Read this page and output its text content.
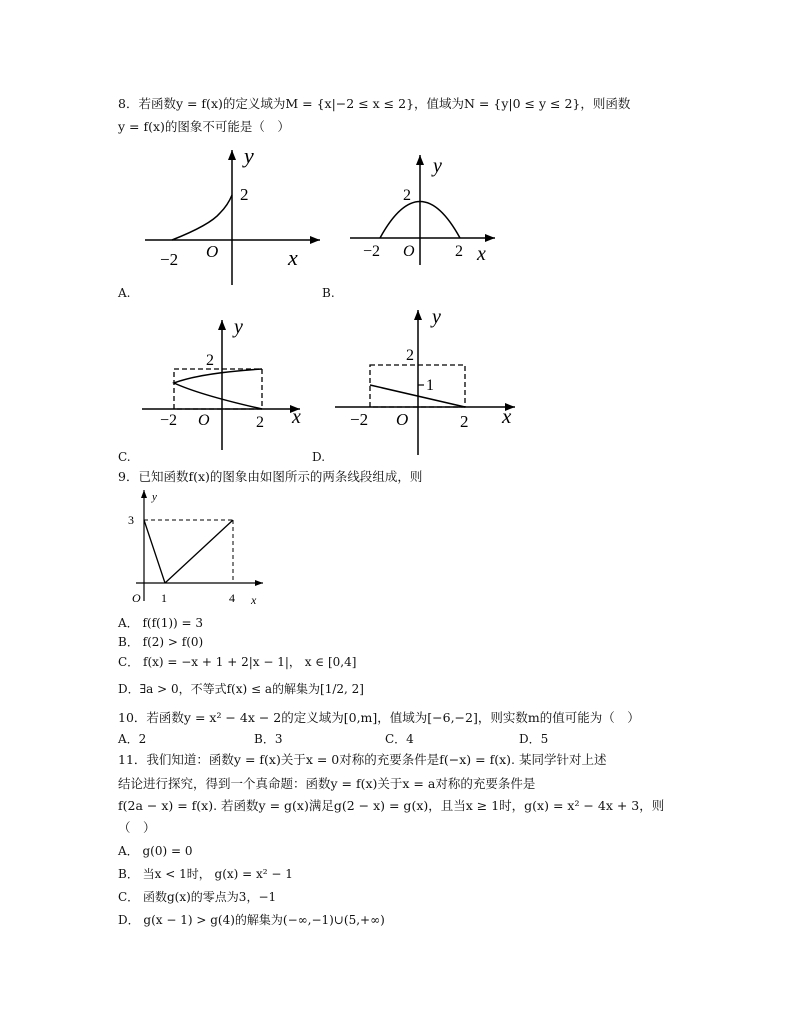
8．若函数y = f(x)的定义域为M = {x|−2 ≤ x ≤ 2}，值域为N = {y|0 ≤ y ≤ 2}，则函数
y = f(x)的图象不可能是（　）
y
2
−2 O	x
A.
y
2
−2 O	2 x
B.
y
2
−2 O	2 x
C.
y
2
1
−2 O	2 x
D.
9．已知函数f(x)的图象由如图所示的两条线段组成，则
y
3
O 1	4 x
A． f(f(1)) = 3
B． f(2) > f(0)
C． f(x) = −x + 1 + 2|x − 1|， x ∈ [0,4]
D．∃a > 0，不等式f(x) ≤ a的解集为[1/2, 2]
10．若函数y = x² − 4x − 2的定义域为[0,m]，值域为[−6,−2]，则实数m的值可能为（　）
A．2	B．3	C．4	D．5
11．我们知道：函数y = f(x)关于x = 0对称的充要条件是f(−x) = f(x). 某同学针对上述
结论进行探究，得到一个真命题：函数y = f(x)关于x = a对称的充要条件是
f(2a − x) = f(x). 若函数y = g(x)满足g(2 − x) = g(x)，且当x ≥ 1时，g(x) = x² − 4x + 3，则
（　）
A． g(0) = 0
B． 当x < 1时， g(x) = x² − 1
C． 函数g(x)的零点为3，−1
D． g(x − 1) > g(4)的解集为(−∞,−1)∪(5,+∞)
